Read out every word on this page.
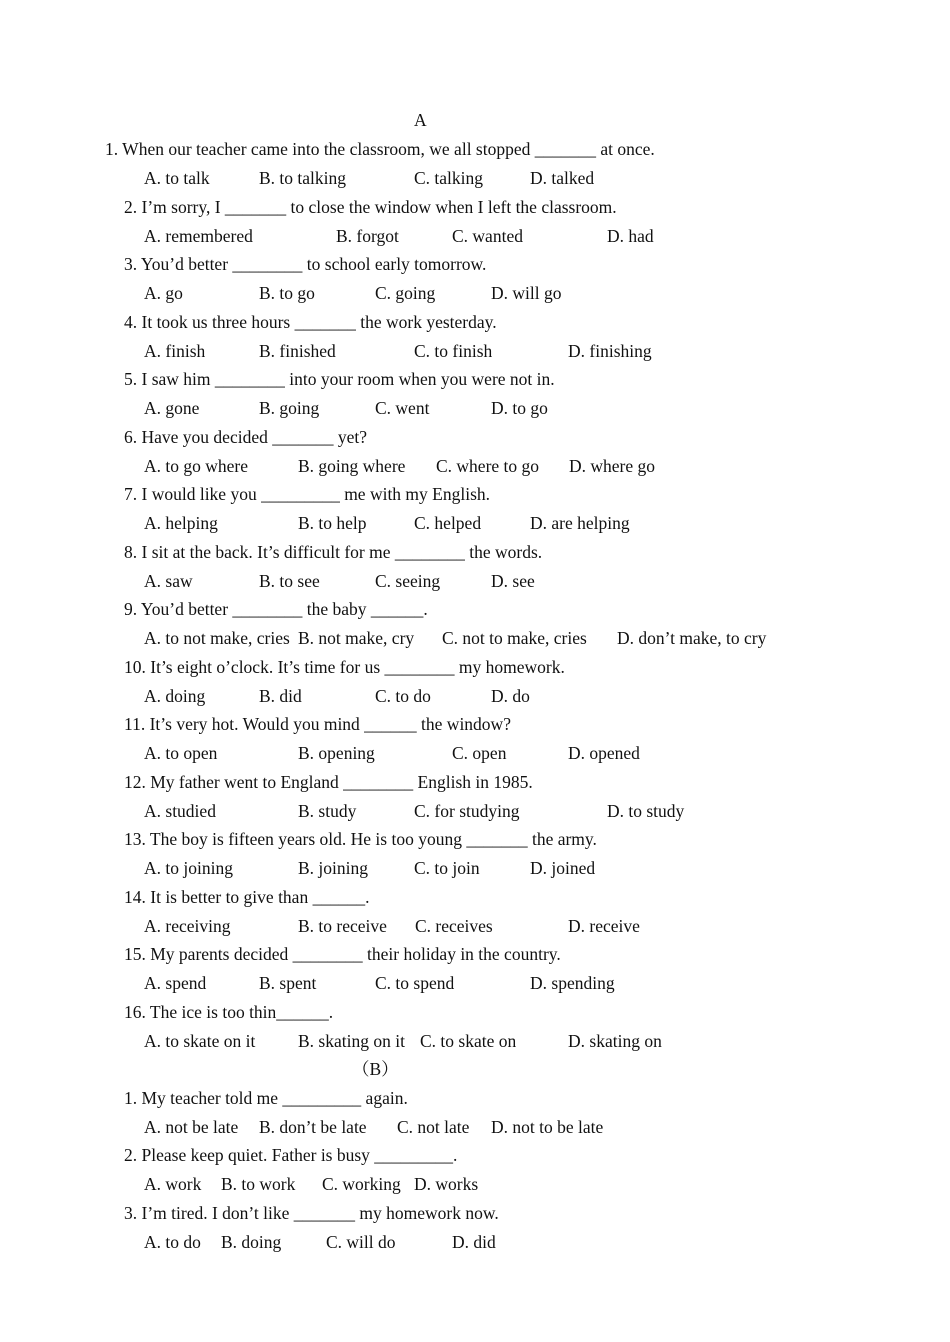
A
1. When our teacher came into the classroom, we all stopped _______ at once.
A. to talk	B. to talking	C. talking	D. talked
2. I’m sorry, I _______ to close the window when I left the classroom.
A. remembered	B. forgot	C. wanted	D. had
3. You’d better ________ to school early tomorrow.
A. go	B. to go	C. going	D. will go
4. It took us three hours _______ the work yesterday.
A. finish	B. finished	C. to finish	D. finishing
5. I saw him ________ into your room when you were not in.
A. gone	B. going	C. went	D. to go
6. Have you decided _______ yet?
A. to go where	B. going where C. where to go D. where go
7. I would like you _________ me with my English.
A. helping	B. to help	C. helped	D. are helping
8. I sit at the back. It’s difficult for me ________ the words.
A. saw	B. to see	C. seeing	D. see
9. You’d better ________ the baby ______.
A. to not make, cries B. not make, cry C. not to make, cries D. don’t make, to cry
10. It’s eight o’clock. It’s time for us ________ my homework.
A. doing	B. did	C. to do	D. do
11. It’s very hot. Would you mind ______ the window?
A. to open	B. opening	C. open	D. opened
12. My father went to England ________ English in 1985.
A. studied	B. study	C. for studying	D. to study
13. The boy is fifteen years old. He is too young _______ the army.
A. to joining	B. joining	C. to join	D. joined
14. It is better to give than ______.
A. receiving	B. to receive C. receives	D. receive
15. My parents decided ________ their holiday in the country.
A. spend	B. spent	C. to spend	D. spending
16. The ice is too thin______.
A. to skate on it B. skating on it C. to skate on	D. skating on
（B）
1. My teacher told me _________ again.
A. not be late B. don’t be late C. not late D. not to be late
2. Please keep quiet. Father is busy _________.
A. work B. to work C. working D. works
3. I’m tired. I don’t like _______ my homework now.
A. to do B. doing	C. will do	D. did
